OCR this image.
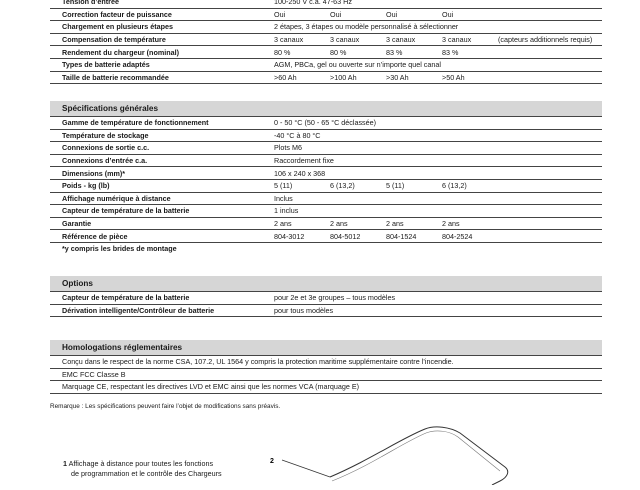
Tension d’entrée	100-250 V c.a. 47-63 Hz				
Correction facteur de puissance	Oui	Oui	Oui	Oui	
Chargement en plusieurs étapes	2 étapes, 3 étapes ou modèle personnalisé à sélectionner				
Compensation de température	3 canaux	3 canaux	3 canaux	3 canaux	(capteurs additionnels requis)
Rendement du chargeur (nominal)	80 %	80 %	83 %	83 %	
Types de batterie adaptés	AGM, PBCa, gel ou ouverte sur n’importe quel canal				
Taille de batterie recommandée	>60 Ah	>100 Ah	>30 Ah	>50 Ah	
Spécifications générales
Gamme de température de fonctionnement	0 - 50 °C (50 - 65 °C déclassée)				
Température de stockage	-40 °C à 80 °C				
Connexions de sortie c.c.	Plots M6				
Connexions d’entrée c.a.	Raccordement fixe				
Dimensions (mm)*	106 x 240 x 368				
Poids - kg (lb)	5 (11)	6 (13,2)	5 (11)	6 (13,2)	
Affichage numérique à distance	Inclus				
Capteur de température de la batterie	1 inclus				
Garantie	2 ans	2 ans	2 ans	2 ans	
Référence de pièce	804-3012	804-5012	804-1524	804-2524	
*y compris les brides de montage
Options
Capteur de température de la batterie	pour 2e et 3e groupes – tous modèles
Dérivation intelligente/Contrôleur de batterie	pour tous modèles
Homologations réglementaires
Conçu dans le respect de la norme CSA, 107.2, UL 1564 y compris la protection maritime supplémentaire contre l’incendie.
EMC FCC Classe B
Marquage CE, respectant les directives LVD et EMC ainsi que les normes VCA (marquage E)
Remarque : Les spécifications peuvent faire l’objet de modifications sans préavis.
1 Affichage à distance pour toutes les fonctions
de programmation et le contrôle des Chargeurs
2
